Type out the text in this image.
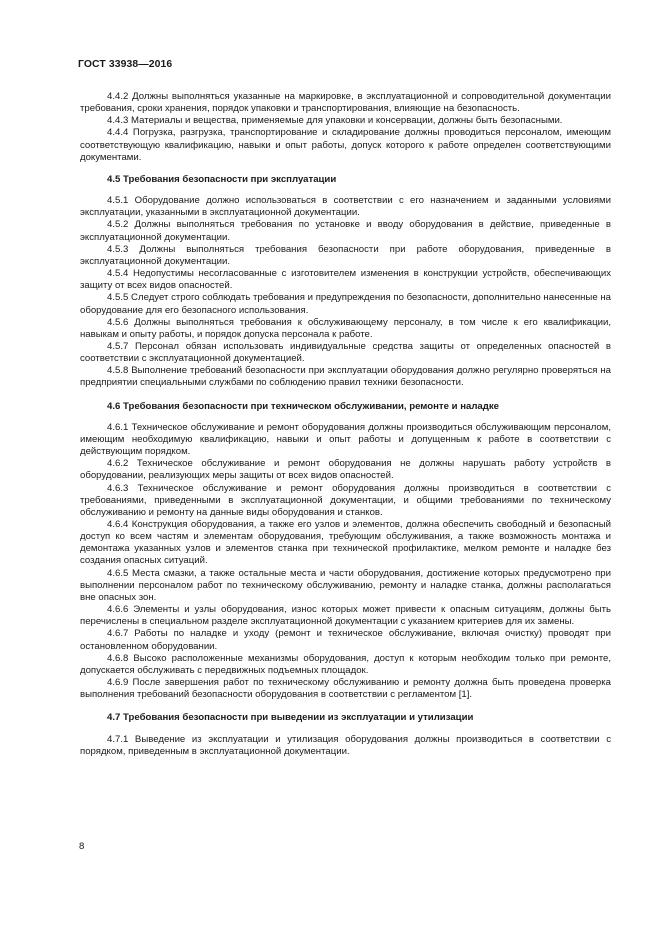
ГОСТ 33938—2016

4.4.2 Должны выполняться указанные на маркировке, в эксплуатационной и сопроводительной документации требования, сроки хранения, порядок упаковки и транспортирования, влияющие на безопасность.

4.4.3 Материалы и вещества, применяемые для упаковки и консервации, должны быть безопасными.

4.4.4 Погрузка, разгрузка, транспортирование и складирование должны проводиться персоналом, имеющим соответствующую квалификацию, навыки и опыт работы, допуск которого к работе определен соответствующими документами.

4.5 Требования безопасности при эксплуатации

4.5.1 Оборудование должно использоваться в соответствии с его назначением и заданными условиями эксплуатации, указанными в эксплуатационной документации.

4.5.2 Должны выполняться требования по установке и вводу оборудования в действие, приведенные в эксплуатационной документации.

4.5.3 Должны выполняться требования безопасности при работе оборудования, приведенные в эксплуатационной документации.

4.5.4 Недопустимы несогласованные с изготовителем изменения в конструкции устройств, обеспечивающих защиту от всех видов опасностей.

4.5.5 Следует строго соблюдать требования и предупреждения по безопасности, дополнительно нанесенные на оборудование для его безопасного использования.

4.5.6 Должны выполняться требования к обслуживающему персоналу, в том числе к его квалификации, навыкам и опыту работы, и порядок допуска персонала к работе.

4.5.7 Персонал обязан использовать индивидуальные средства защиты от определенных опасностей в соответствии с эксплуатационной документацией.

4.5.8 Выполнение требований безопасности при эксплуатации оборудования должно регулярно проверяться на предприятии специальными службами по соблюдению правил техники безопасности.

4.6 Требования безопасности при техническом обслуживании, ремонте и наладке

4.6.1 Техническое обслуживание и ремонт оборудования должны производиться обслуживающим персоналом, имеющим необходимую квалификацию, навыки и опыт работы и допущенным к работе в соответствии с действующим порядком.

4.6.2 Техническое обслуживание и ремонт оборудования не должны нарушать работу устройств в оборудовании, реализующих меры защиты от всех видов опасностей.

4.6.3 Техническое обслуживание и ремонт оборудования должны производиться в соответствии с требованиями, приведенными в эксплуатационной документации, и общими требованиями по техническому обслуживанию и ремонту на данные виды оборудования и станков.

4.6.4 Конструкция оборудования, а также его узлов и элементов, должна обеспечить свободный и безопасный доступ ко всем частям и элементам оборудования, требующим обслуживания, а также возможность монтажа и демонтажа указанных узлов и элементов станка при технической профилактике, мелком ремонте и наладке без создания опасных ситуаций.

4.6.5 Места смазки, а также остальные места и части оборудования, достижение которых предусмотрено при выполнении персоналом работ по техническому обслуживанию, ремонту и наладке станка, должны располагаться вне опасных зон.

4.6.6 Элементы и узлы оборудования, износ которых может привести к опасным ситуациям, должны быть перечислены в специальном разделе эксплуатационной документации с указанием критериев для их замены.

4.6.7 Работы по наладке и уходу (ремонт и техническое обслуживание, включая очистку) проводят при остановленном оборудовании.

4.6.8 Высоко расположенные механизмы оборудования, доступ к которым необходим только при ремонте, допускается обслуживать с передвижных подъемных площадок.

4.6.9 После завершения работ по техническому обслуживанию и ремонту должна быть проведена проверка выполнения требований безопасности оборудования в соответствии с регламентом [1].

4.7 Требования безопасности при выведении из эксплуатации и утилизации

4.7.1 Выведение из эксплуатации и утилизация оборудования должны производиться в соответствии с порядком, приведенным в эксплуатационной документации.

8
